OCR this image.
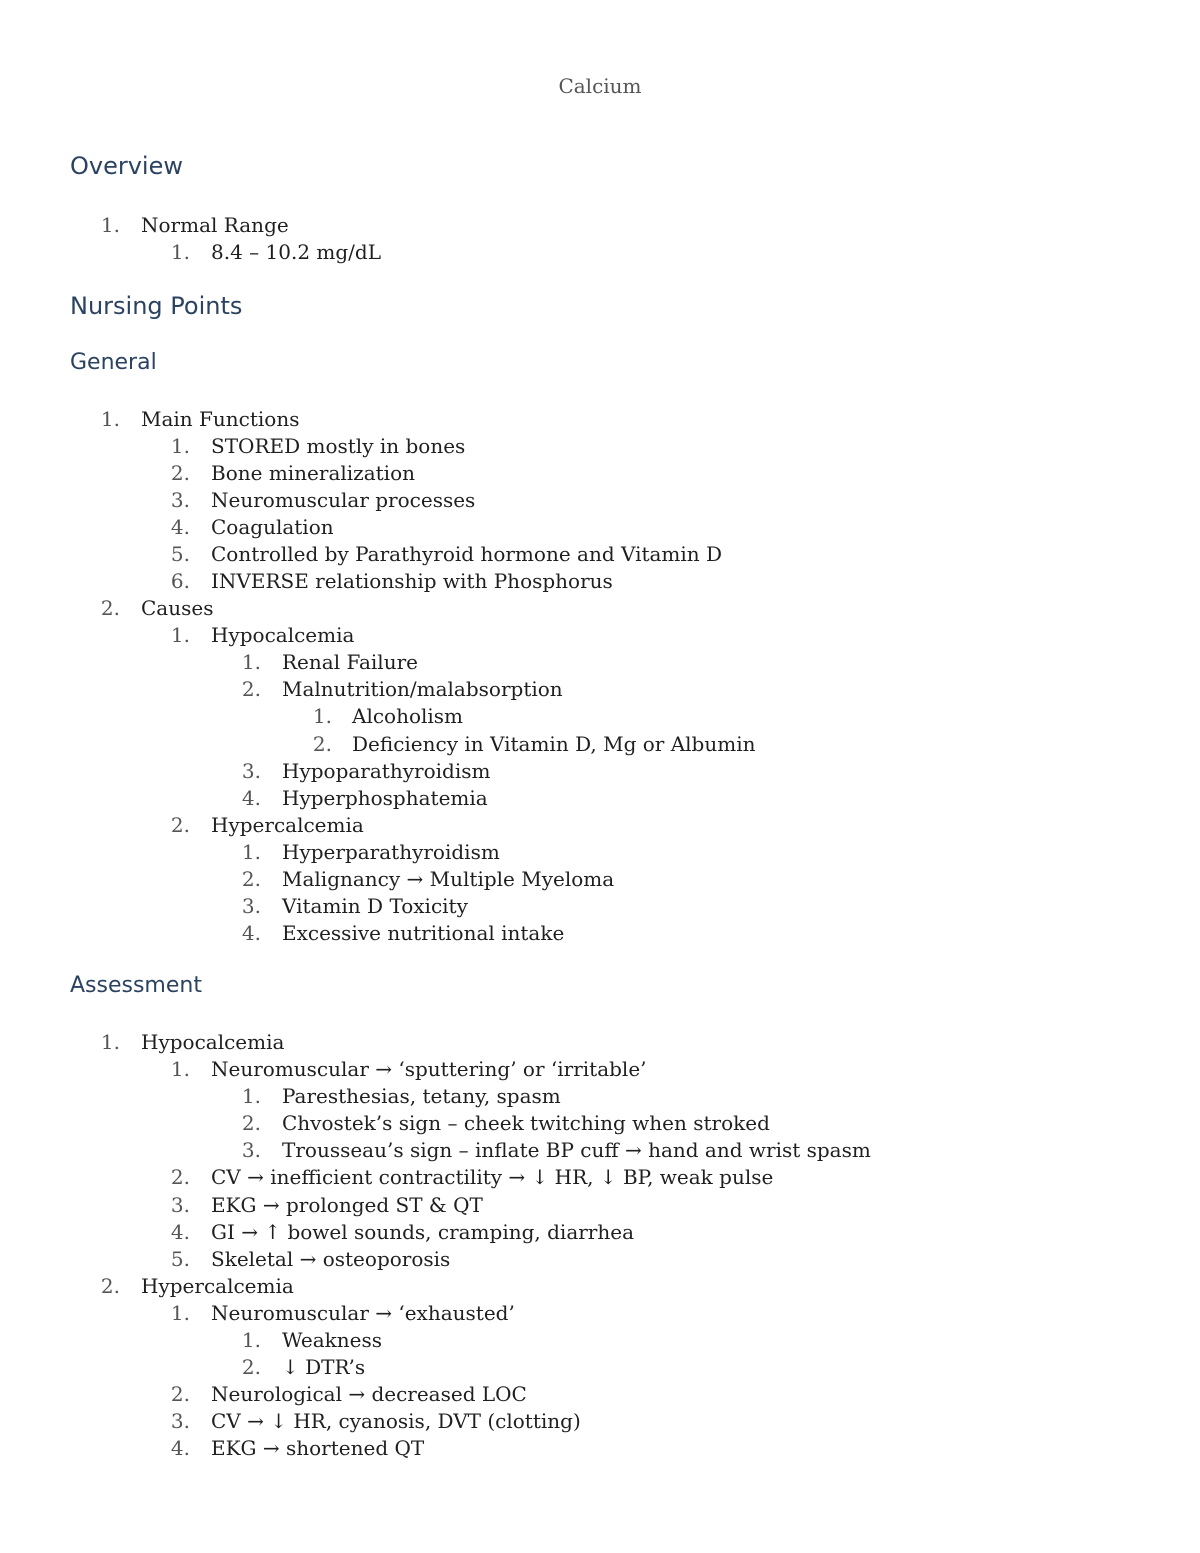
Calcium
Overview
1. Normal Range
1. 8.4 – 10.2 mg/dL
Nursing Points
General
1. Main Functions
1. STORED mostly in bones
2. Bone mineralization
3. Neuromuscular processes
4. Coagulation
5. Controlled by Parathyroid hormone and Vitamin D
6. INVERSE relationship with Phosphorus
2. Causes
1. Hypocalcemia
1. Renal Failure
2. Malnutrition/malabsorption
1. Alcoholism
2. Deficiency in Vitamin D, Mg or Albumin
3. Hypoparathyroidism
4. Hyperphosphatemia
2. Hypercalcemia
1. Hyperparathyroidism
2. Malignancy → Multiple Myeloma
3. Vitamin D Toxicity
4. Excessive nutritional intake
Assessment
1. Hypocalcemia
1. Neuromuscular → ‘sputtering’ or ‘irritable’
1. Paresthesias, tetany, spasm
2. Chvostek’s sign – cheek twitching when stroked
3. Trousseau’s sign – inflate BP cuff → hand and wrist spasm
2. CV → inefficient contractility → ↓ HR, ↓ BP, weak pulse
3. EKG → prolonged ST & QT
4. GI → ↑ bowel sounds, cramping, diarrhea
5. Skeletal → osteoporosis
2. Hypercalcemia
1. Neuromuscular → ‘exhausted’
1. Weakness
2. ↓ DTR’s
2. Neurological → decreased LOC
3. CV → ↓ HR, cyanosis, DVT (clotting)
4. EKG → shortened QT
